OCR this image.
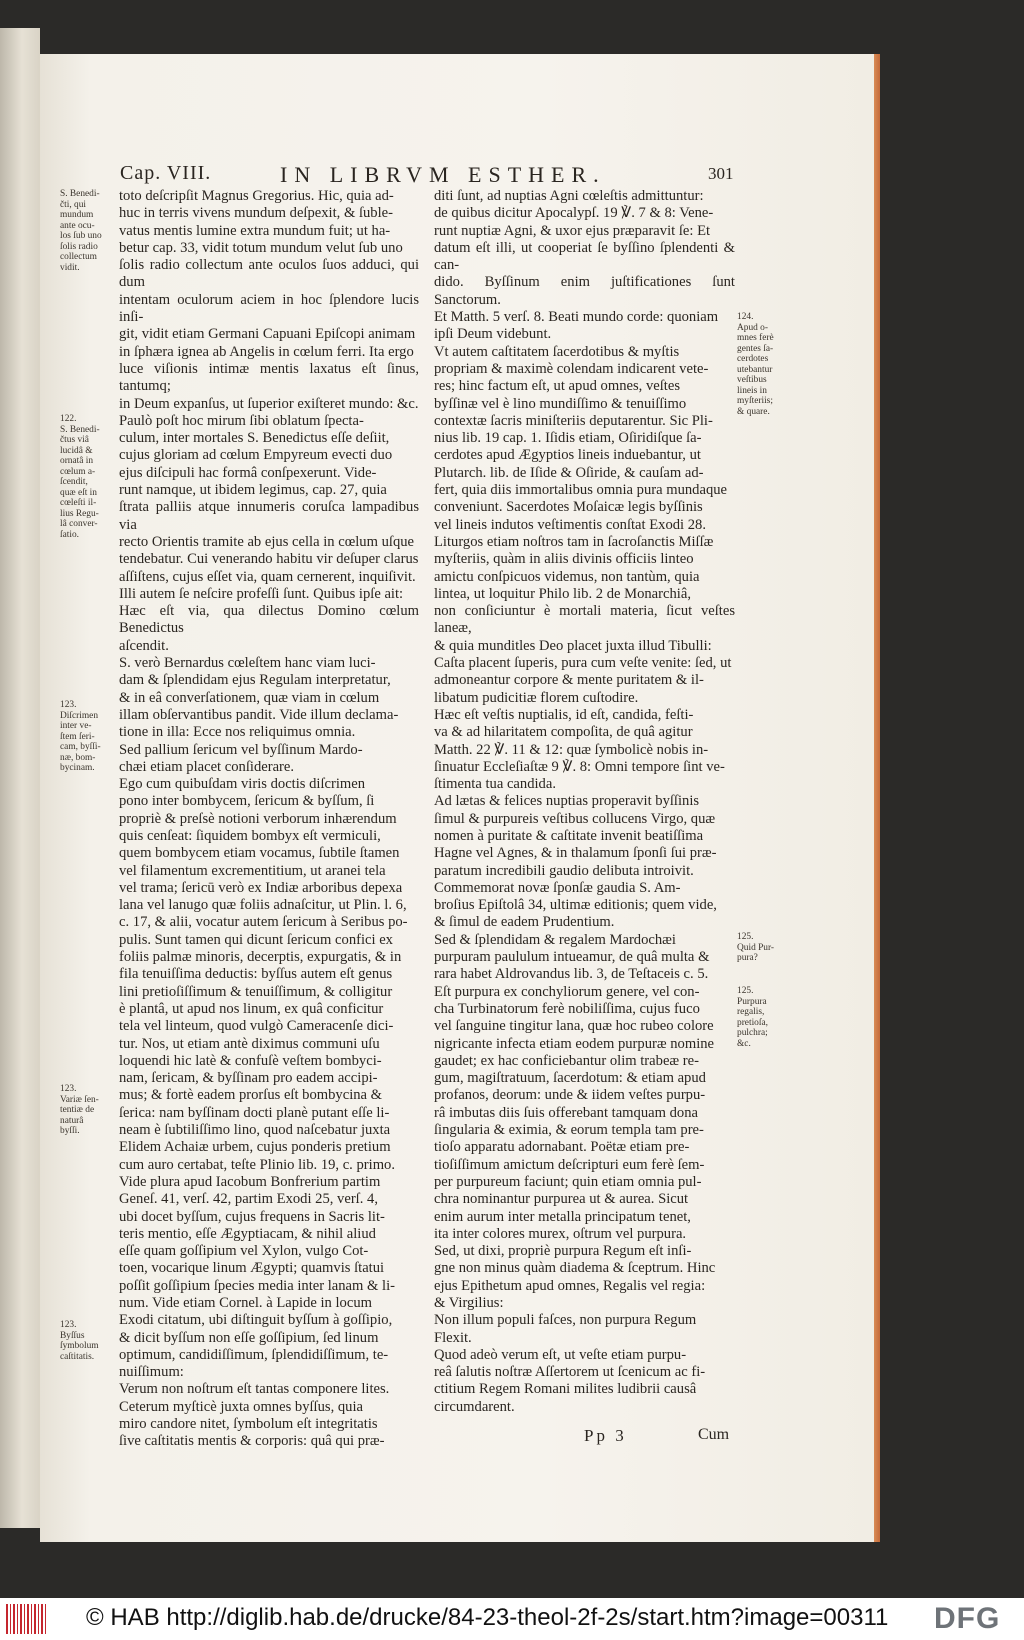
Cap. VIII.	IN LIBRVM ESTHER.	301

toto deſcripſit Magnus Gregorius. Hic, quia ad-

huc in terris vivens mundum deſpexit, & ſuble-

vatus mentis lumine extra mundum fuit; ut ha-

betur cap. 33, vidit totum mundum velut ſub uno

ſolis radio collectum ante oculos ſuos adduci, qui dum

intentam oculorum aciem in hoc ſplendore lucis inſi-

git, vidit etiam Germani Capuani Epiſcopi animam

in ſphæra ignea ab Angelis in cœlum ferri. Ita ergo

luce viſionis intimæ mentis laxatus eſt ſinus, tantumq;

in Deum expanſus, ut ſuperior exiſteret mundo: &c.

Paulò poſt hoc mirum ſibi oblatum ſpecta-

culum, inter mortales S. Benedictus eſſe deſiit,

cujus gloriam ad cœlum Empyreum evecti duo

ejus diſcipuli hac formâ conſpexerunt. Vide-

runt namque, ut ibidem legimus, cap. 27, quia

ſtrata palliis atque innumeris coruſca lampadibus via

recto Orientis tramite ab ejus cella in cœlum uſque

tendebatur. Cui venerando habitu vir deſuper clarus

aſſiſtens, cujus eſſet via, quam cernerent, inquiſivit.

Illi autem ſe neſcire profeſſi ſunt. Quibus ipſe ait:

Hæc eſt via, qua dilectus Domino cœlum Benedictus

aſcendit.

S. verò Bernardus cœleſtem hanc viam luci-

dam & ſplendidam ejus Regulam interpretatur,

& in eâ converſationem, quæ viam in cœlum

illam obſervantibus pandit. Vide illum declama-

tione in illa: Ecce nos reliquimus omnia.

Sed pallium ſericum vel byſſinum Mardo-

chæi etiam placet conſiderare.

Ego cum quibuſdam viris doctis diſcrimen

pono inter bombycem, ſericum & byſſum, ſi

propriè & preſsè notioni verborum inhærendum

quis cenſeat: ſiquidem bombyx eſt vermiculi,

quem bombycem etiam vocamus, ſubtile ſtamen

vel filamentum excrementitium, ut aranei tela

vel trama; ſericū verò ex Indiæ arboribus depexa

lana vel lanugo quæ foliis adnaſcitur, ut Plin. l. 6,

c. 17, & alii, vocatur autem ſericum à Seribus po-

pulis. Sunt tamen qui dicunt ſericum confici ex

foliis palmæ minoris, decerptis, expurgatis, & in

fila tenuiſſima deductis: byſſus autem eſt genus

lini pretioſiſſimum & tenuiſſimum, & colligitur

è plantâ, ut apud nos linum, ex quâ conficitur

tela vel linteum, quod vulgò Cameracenſe dici-

tur. Nos, ut etiam antè diximus communi uſu

loquendi hic latè & confuſè veſtem bombyci-

nam, ſericam, & byſſinam pro eadem accipi-

mus; & fortè eadem prorſus eſt bombycina &

ſerica: nam byſſinam docti planè putant eſſe li-

neam è ſubtiliſſimo lino, quod naſcebatur juxta

Elidem Achaiæ urbem, cujus ponderis pretium

cum auro certabat, teſte Plinio lib. 19, c. primo.

Vide plura apud Iacobum Bonfrerium partim

Geneſ. 41, verſ. 42, partim Exodi 25, verſ. 4,

ubi docet byſſum, cujus frequens in Sacris lit-

teris mentio, eſſe Ægyptiacam, & nihil aliud

eſſe quam goſſipium vel Xylon, vulgo Cot-

toen, vocarique linum Ægypti; quamvis ſtatui

poſſit goſſipium ſpecies media inter lanam & li-

num. Vide etiam Cornel. à Lapide in locum

Exodi citatum, ubi diſtinguit byſſum à goſſipio,

& dicit byſſum non eſſe goſſipium, ſed linum

optimum, candidiſſimum, ſplendidiſſimum, te-

nuiſſimum:

Verum non noſtrum eſt tantas componere lites.

Ceterum myſticè juxta omnes byſſus, quia

miro candore nitet, ſymbolum eſt integritatis

ſive caſtitatis mentis & corporis: quâ qui præ-

diti ſunt, ad nuptias Agni cœleſtis admittuntur:

de quibus dicitur Apocalypſ. 19 ℣. 7 & 8: Vene-

runt nuptiæ Agni, & uxor ejus præparavit ſe: Et

datum eſt illi, ut cooperiat ſe byſſino ſplendenti & can-

dido. Byſſinum enim juſtificationes ſunt Sanctorum.

Et Matth. 5 verſ. 8. Beati mundo corde: quoniam

ipſi Deum videbunt.

Vt autem caſtitatem ſacerdotibus & myſtis

propriam & maximè colendam indicarent vete-

res; hinc factum eſt, ut apud omnes, veſtes

byſſinæ vel è lino mundiſſimo & tenuiſſimo

contextæ ſacris miniſteriis deputarentur. Sic Pli-

nius lib. 19 cap. 1. Iſidis etiam, Oſiridiſque ſa-

cerdotes apud Ægyptios lineis induebantur, ut

Plutarch. lib. de Iſide & Oſiride, & cauſam ad-

fert, quia diis immortalibus omnia pura mundaque

conveniunt. Sacerdotes Moſaicæ legis byſſinis

vel lineis indutos veſtimentis conſtat Exodi 28.

Liturgos etiam noſtros tam in ſacroſanctis Miſſæ

myſteriis, quàm in aliis divinis officiis linteo

amictu conſpicuos videmus, non tantùm, quia

lintea, ut loquitur Philo lib. 2 de Monarchiâ,

non conſiciuntur è mortali materia, ſicut veſtes laneæ,

& quia munditles Deo placet juxta illud Tibulli:

Caſta placent ſuperis, pura cum veſte venite: ſed, ut

admoneantur corpore & mente puritatem & il-

libatum pudicitiæ florem cuſtodire.

Hæc eſt veſtis nuptialis, id eſt, candida, feſti-

va & ad hilaritatem compoſita, de quâ agitur

Matth. 22 ℣. 11 & 12: quæ ſymbolicè nobis in-

ſinuatur Eccleſiaſtæ 9 ℣. 8: Omni tempore ſint ve-

ſtimenta tua candida.

Ad lætas & felices nuptias properavit byſſinis

ſimul & purpureis veſtibus collucens Virgo, quæ

nomen à puritate & caſtitate invenit beatiſſima

Hagne vel Agnes, & in thalamum ſponſi ſui præ-

paratum incredibili gaudio delibuta introivit.

Commemorat novæ ſponſæ gaudia S. Am-

broſius Epiſtolâ 34, ultimæ editionis; quem vide,

& ſimul de eadem Prudentium.

Sed & ſplendidam & regalem Mardochæi

purpuram paululum intueamur, de quâ multa &

rara habet Aldrovandus lib. 3, de Teſtaceis c. 5.

Eſt purpura ex conchyliorum genere, vel con-

cha Turbinatorum ferè nobiliſſima, cujus fuco

vel ſanguine tingitur lana, quæ hoc rubeo colore

nigricante infecta etiam eodem purpuræ nomine

gaudet; ex hac conficiebantur olim trabeæ re-

gum, magiſtratuum, ſacerdotum: & etiam apud

profanos, deorum: unde & iidem veſtes purpu-

râ imbutas diis ſuis offerebant tamquam dona

ſingularia & eximia, & eorum templa tam pre-

tioſo apparatu adornabant. Poëtæ etiam pre-

tioſiſſimum amictum deſcripturi eum ferè ſem-

per purpureum faciunt; quin etiam omnia pul-

chra nominantur purpurea ut & aurea. Sicut

enim aurum inter metalla principatum tenet,

ita inter colores murex, oſtrum vel purpura.

Sed, ut dixi, propriè purpura Regum eſt inſi-

gne non minus quàm diadema & ſceptrum. Hinc

ejus Epithetum apud omnes, Regalis vel regia:

& Virgilius:

Non illum populi faſces, non purpura Regum

Flexit.

Quod adeò verum eſt, ut veſte etiam purpu-

reâ ſalutis noſtræ Aſſertorem ut ſcenicum ac fi-

ctitium Regem Romani milites ludibrii causâ

circumdarent.

S. Benedi-
čti, qui
mundum
ante ocu-
los ſub uno
ſolis radio
collectum
vidit.
122.
S. Benedi-
čtus viâ
lucidâ &
ornatâ in
cœlum a-
ſcendit,
quæ eſt in
cœleſti il-
lius Regu-
lâ conver-
ſatio.
123.
Diſcrimen
inter ve-
ſtem ſeri-
cam, byſſi-
næ, bom-
bycinam.
123.
Variæ ſen-
tentiæ de
naturâ
byſſi.
123.
Byſſus
ſymbolum
caſtitatis.
124.
Apud o-
mnes ferè
gentes ſa-
cerdotes
utebantur
veſtibus
lineis in
myſteriis;
& quare.
125.
Quid Pur-
pura?
125.
Purpura
regalis,
pretioſa,
pulchra;
&c.
Pp 3	Cum
© HAB http://diglib.hab.de/drucke/84-23-theol-2f-2s/start.htm?image=00311 DFG
